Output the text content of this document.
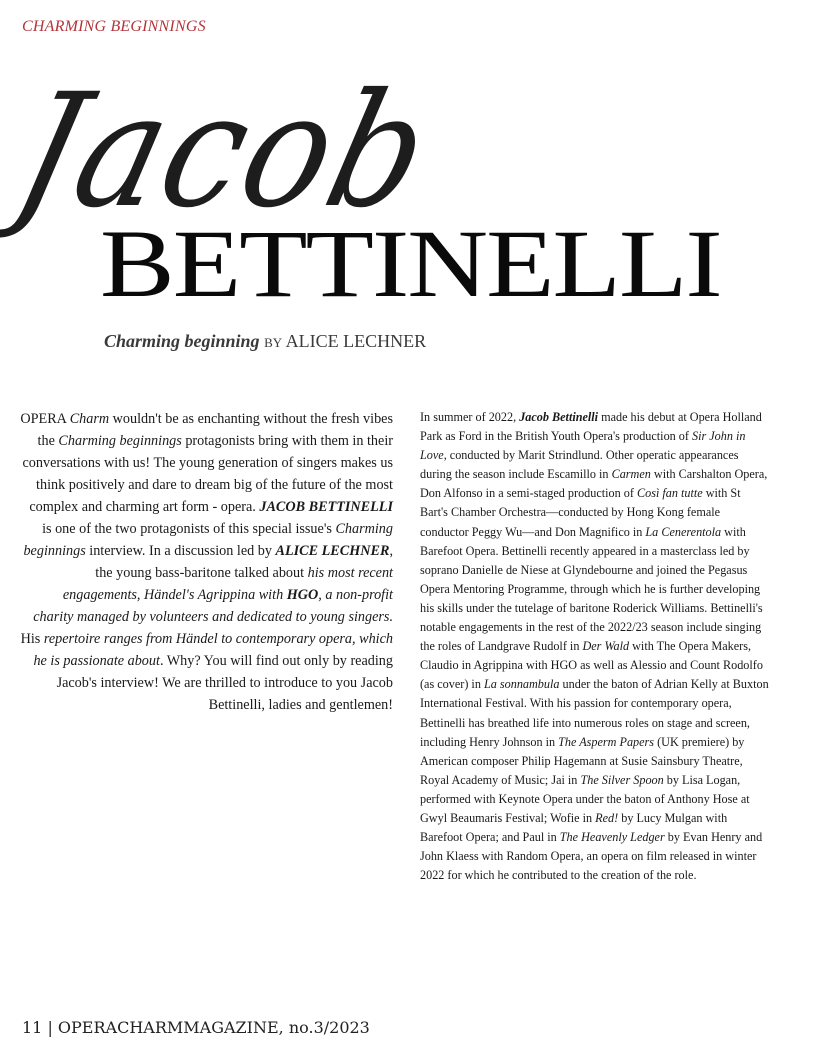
CHARMING BEGINNINGS
Jacob
BETTINELLI
Charming beginning by ALICE LECHNER

OPERA Charm wouldn't be as enchanting without the fresh vibes the Charming beginnings protagonists bring with them in their conversations with us! The young generation of singers makes us think positively and dare to dream big of the future of the most complex and charming art form - opera. JACOB BETTINELLI is one of the two protagonists of this special issue's Charming beginnings interview. In a discussion led by ALICE LECHNER, the young bass-baritone talked about his most recent engagements, Händel's Agrippina with HGO, a non-profit charity managed by volunteers and dedicated to young singers. His repertoire ranges from Händel to contemporary opera, which he is passionate about. Why? You will find out only by reading Jacob's interview! We are thrilled to introduce to you Jacob Bettinelli, ladies and gentlemen!

In summer of 2022, Jacob Bettinelli made his debut at Opera Holland Park as Ford in the British Youth Opera's production of Sir John in Love, conducted by Marit Strindlund. Other operatic appearances during the season include Escamillo in Carmen with Carshalton Opera, Don Alfonso in a semi-staged production of Così fan tutte with St Bart's Chamber Orchestra—conducted by Hong Kong female conductor Peggy Wu—and Don Magnifico in La Cenerentola with Barefoot Opera. Bettinelli recently appeared in a masterclass led by soprano Danielle de Niese at Glyndebourne and joined the Pegasus Opera Mentoring Programme, through which he is further developing his skills under the tutelage of baritone Roderick Williams. Bettinelli's notable engagements in the rest of the 2022/23 season include singing the roles of Landgrave Rudolf in Der Wald with The Opera Makers, Claudio in Agrippina with HGO as well as Alessio and Count Rodolfo (as cover) in La sonnambula under the baton of Adrian Kelly at Buxton International Festival. With his passion for contemporary opera, Bettinelli has breathed life into numerous roles on stage and screen, including Henry Johnson in The Asperm Papers (UK premiere) by American composer Philip Hagemann at Susie Sainsbury Theatre, Royal Academy of Music; Jai in The Silver Spoon by Lisa Logan, performed with Keynote Opera under the baton of Anthony Hose at Gwyl Beaumaris Festival; Wofie in Red! by Lucy Mulgan with Barefoot Opera; and Paul in The Heavenly Ledger by Evan Henry and John Klaess with Random Opera, an opera on film released in winter 2022 for which he contributed to the creation of the role.

11 | OPERACHARMMAGAZINE, no.3/2023
